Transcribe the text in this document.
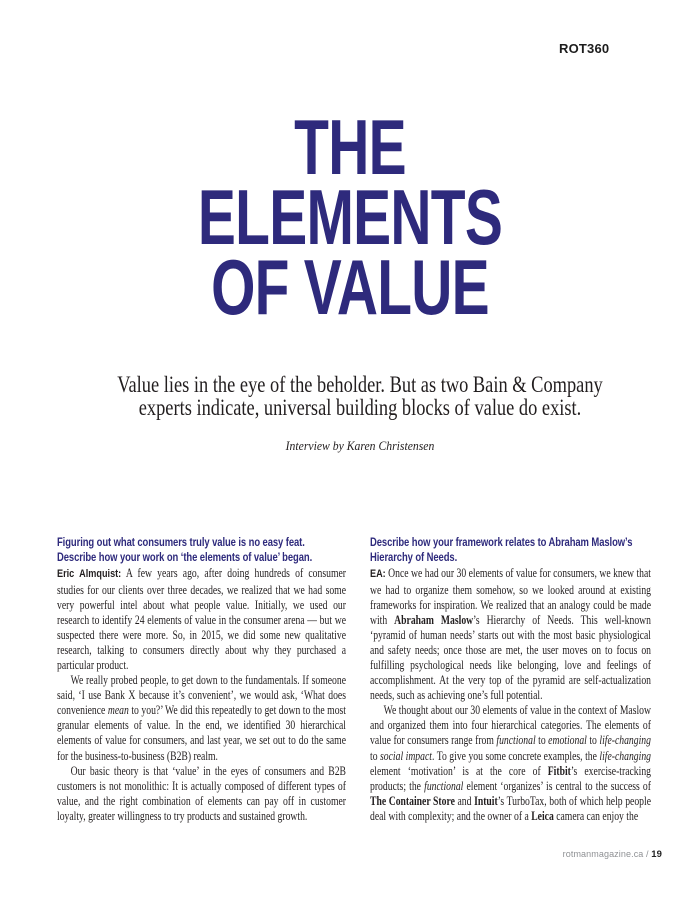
ROT360
THE
ELEMENTS
OF VALUE

Value lies in the eye of the beholder. But as two Bain & Company
experts indicate, universal building blocks of value do exist.

Interview by Karen Christensen

Figuring out what consumers truly value is no easy feat. Describe how your work on ‘the elements of value’ began.

Eric Almquist: A few years ago, after doing hundreds of consumer studies for our clients over three decades, we realized that we had some very powerful intel about what people value. Initially, we used our research to identify 24 elements of value in the consumer arena — but we suspected there were more. So, in 2015, we did some new qualitative research, talking to consumers directly about why they purchased a particular product.

We really probed people, to get down to the fundamentals. If someone said, ‘I use Bank X because it’s convenient’, we would ask, ‘What does convenience mean to you?’ We did this repeatedly to get down to the most granular elements of value. In the end, we identified 30 hierarchical elements of value for consumers, and last year, we set out to do the same for the business-to-business (B2B) realm.

Our basic theory is that ‘value’ in the eyes of consumers and B2B customers is not monolithic: It is actually composed of different types of value, and the right combination of elements can pay off in customer loyalty, greater willingness to try products and sustained growth.

Describe how your framework relates to Abraham Maslow’s Hierarchy of Needs.

EA: Once we had our 30 elements of value for consumers, we knew that we had to organize them somehow, so we looked around at existing frameworks for inspiration. We realized that an analogy could be made with Abraham Maslow’s Hierarchy of Needs. This well-known ‘pyramid of human needs’ starts out with the most basic physiological and safety needs; once those are met, the user moves on to focus on fulfilling psychological needs like belonging, love and feelings of accomplishment. At the very top of the pyramid are self-actualization needs, such as achieving one’s full potential.

We thought about our 30 elements of value in the context of Maslow and organized them into four hierarchical categories. The elements of value for consumers range from functional to emotional to life-changing to social impact. To give you some concrete examples, the life-changing element ‘motivation’ is at the core of Fitbit’s exercise-tracking products; the functional element ‘organizes’ is central to the success of The Container Store and Intuit’s TurboTax, both of which help people deal with complexity; and the owner of a Leica camera can enjoy the

rotmanmagazine.ca / 19
